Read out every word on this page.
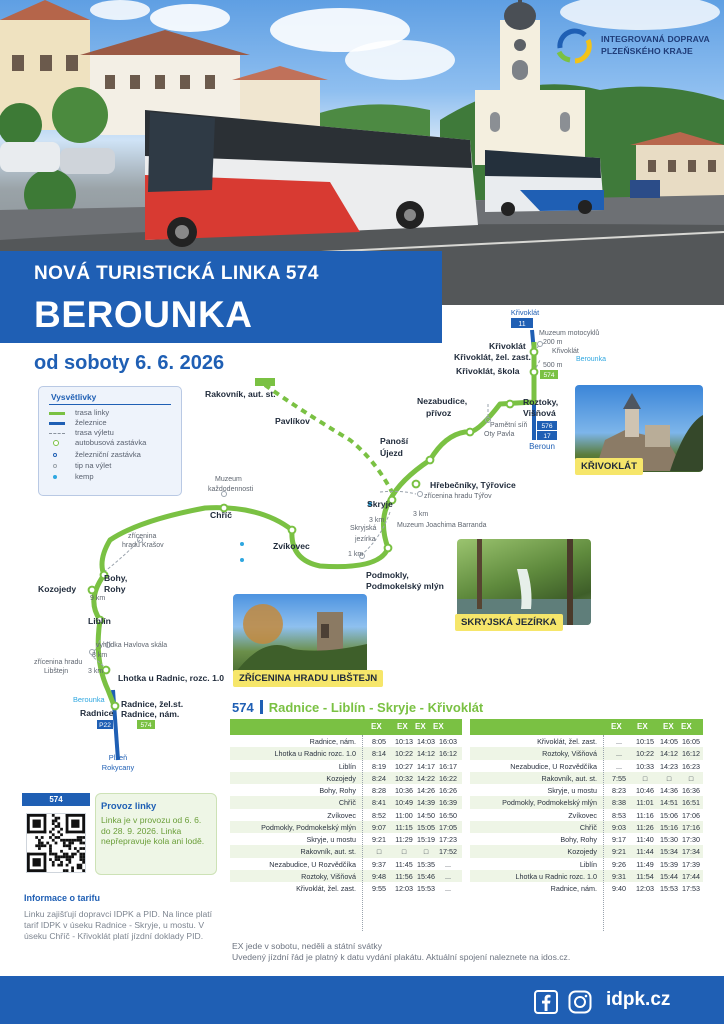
INTEGROVANÁ DOPRAVA
PLZEŇSKÉHO KRAJE
NOVÁ TURISTICKÁ LINKA 574
BEROUNKA
od soboty 6. 6. 2026
11
Křivoklát
574
576
17
Beroun
P22	574
Rakovník, aut. st.
Pavlíkov
Panoší
Újezd
Nezabudice,
přívoz
Křivoklát
Křivoklát, žel. zast.
Křivoklát, škola
Roztoky,
Višňová
Hřebečníky, Týřovice
Skryje
Podmokly,
Podmokelský mlýn
Zvíkovec
Chříč
Kozojedy
Bohy,
Rohy
Liblín
Lhotka u Radnic, rozc. 1.0
Radnice, žel.st.
Radnice, nám.
Radnice
Muzeum motocyklů
200 m
Křivoklát
500 m
Berounka
Pamětní síň
Oty Pavla
zřícenina hradu Týřov
3 km
3 km
Muzeum Joachima Barranda
Skryjská
jezírka
1 km
Muzeum
každodennosti
zřícenina
hradu Krašov
9 km
vyhlídka Havlova skála
3 km
zřícenina hradu
Libštejn	3 km
Berounka
Plzeň
Rokycany
Vysvětlivky
trasa linky
železnice
trasa výletu
autobusová zastávka
železniční zastávka
tip na výlet
kemp
KŘIVOKLÁT
SKRYJSKÁ JEZÍRKA
ZŘÍCENINA HRADU LIBŠTEJN
574 Radnice - Liblín - Skryje - Křivoklát
EX EX EX EX
Radnice, nám.	8:05	10:13 14:03 16:03
Lhotka u Radnic rozc. 1.0	8:14	10:22 14:12 16:12
Liblín	8:19	10:27 14:17 16:17
Kozojedy	8:24	10:32 14:22 16:22
Bohy, Rohy	8:28	10:36 14:26 16:26
Chříč	8:41	10:49 14:39 16:39
Zvíkovec	8:52	11:00 14:50 16:50
Podmokly, Podmokelský mlýn	9:07	11:15 15:05 17:05
Skryje, u mostu	9:21	11:29 15:19 17:23
Rakovník, aut. st.	□	□	□	17:52
Nezabudice, U Rozvědčíka	9:37	11:45 15:35	...
Roztoky, Višňová	9:48	11:56 15:46	...
Křivoklát, žel. zast.	9:55	12:03 15:53	...
EX EX EX EX
Křivoklát, žel. zast.	...	10:15 14:05 16:05
Roztoky, Višňová	...	10:22 14:12 16:12
Nezabudice, U Rozvědčíka	...	10:33 14:23 16:23
Rakovník, aut. st.	7:55	□	□	□
Skryje, u mostu	8:23	10:46 14:36 16:36
Podmokly, Podmokelský mlýn	8:38	11:01 14:51 16:51
Zvíkovec	8:53	11:16 15:06 17:06
Chříč	9:03	11:26 15:16 17:16
Bohy, Rohy	9:17	11:40 15:30 17:30
Kozojedy	9:21	11:44 15:34 17:34
Liblín	9:26	11:49 15:39 17:39
Lhotka u Radnic rozc. 1.0	9:31	11:54 15:44 17:44
Radnice, nám.	9:40	12:03 15:53 17:53
574
Provoz linky
Linka je v provozu od 6. 6. do 28. 9. 2026. Linka nepřepravuje kola ani lodě.
Informace o tarifu
Linku zajišťují dopravci IDPK a PID. Na lince platí tarif IDPK v úseku Radnice - Skryje, u mostu. V úseku Chříč - Křivoklát platí jízdní doklady PID.
EX jede v sobotu, neděli a státní svátky
Uvedený jízdní řád je platný k datu vydání plakátu. Aktuální spojení naleznete na idos.cz.
idpk.cz
